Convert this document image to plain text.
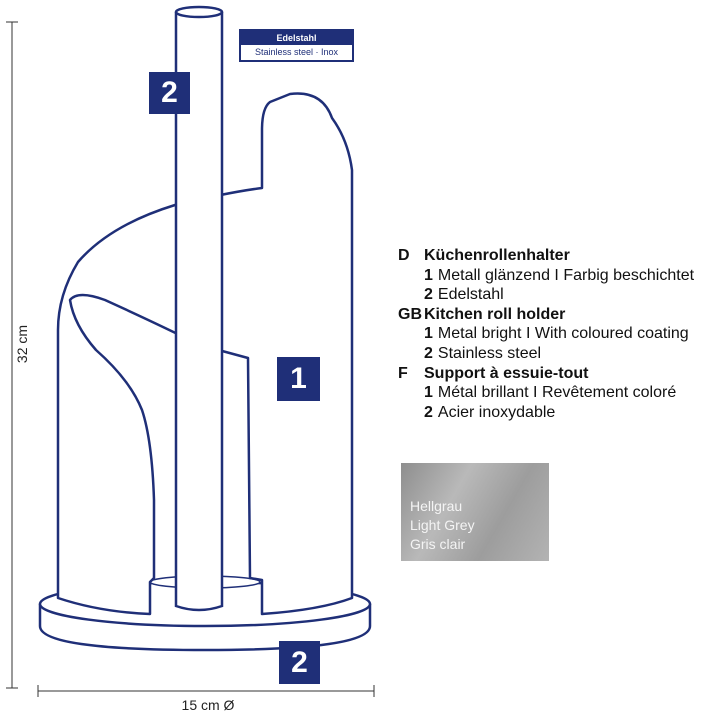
Edelstahl
Stainless steel · Inox
2
1
2
32 cm
15 cm Ø
D Küchenrollenhalter
1 Metall glänzend I Farbig beschichtet
2 Edelstahl
GB Kitchen roll holder
1 Metal bright I With coloured coating
2 Stainless steel
F	Support à essuie-tout
1 Métal brillant I Revêtement coloré
2 Acier inoxydable
Hellgrau
Light Grey
Gris clair
